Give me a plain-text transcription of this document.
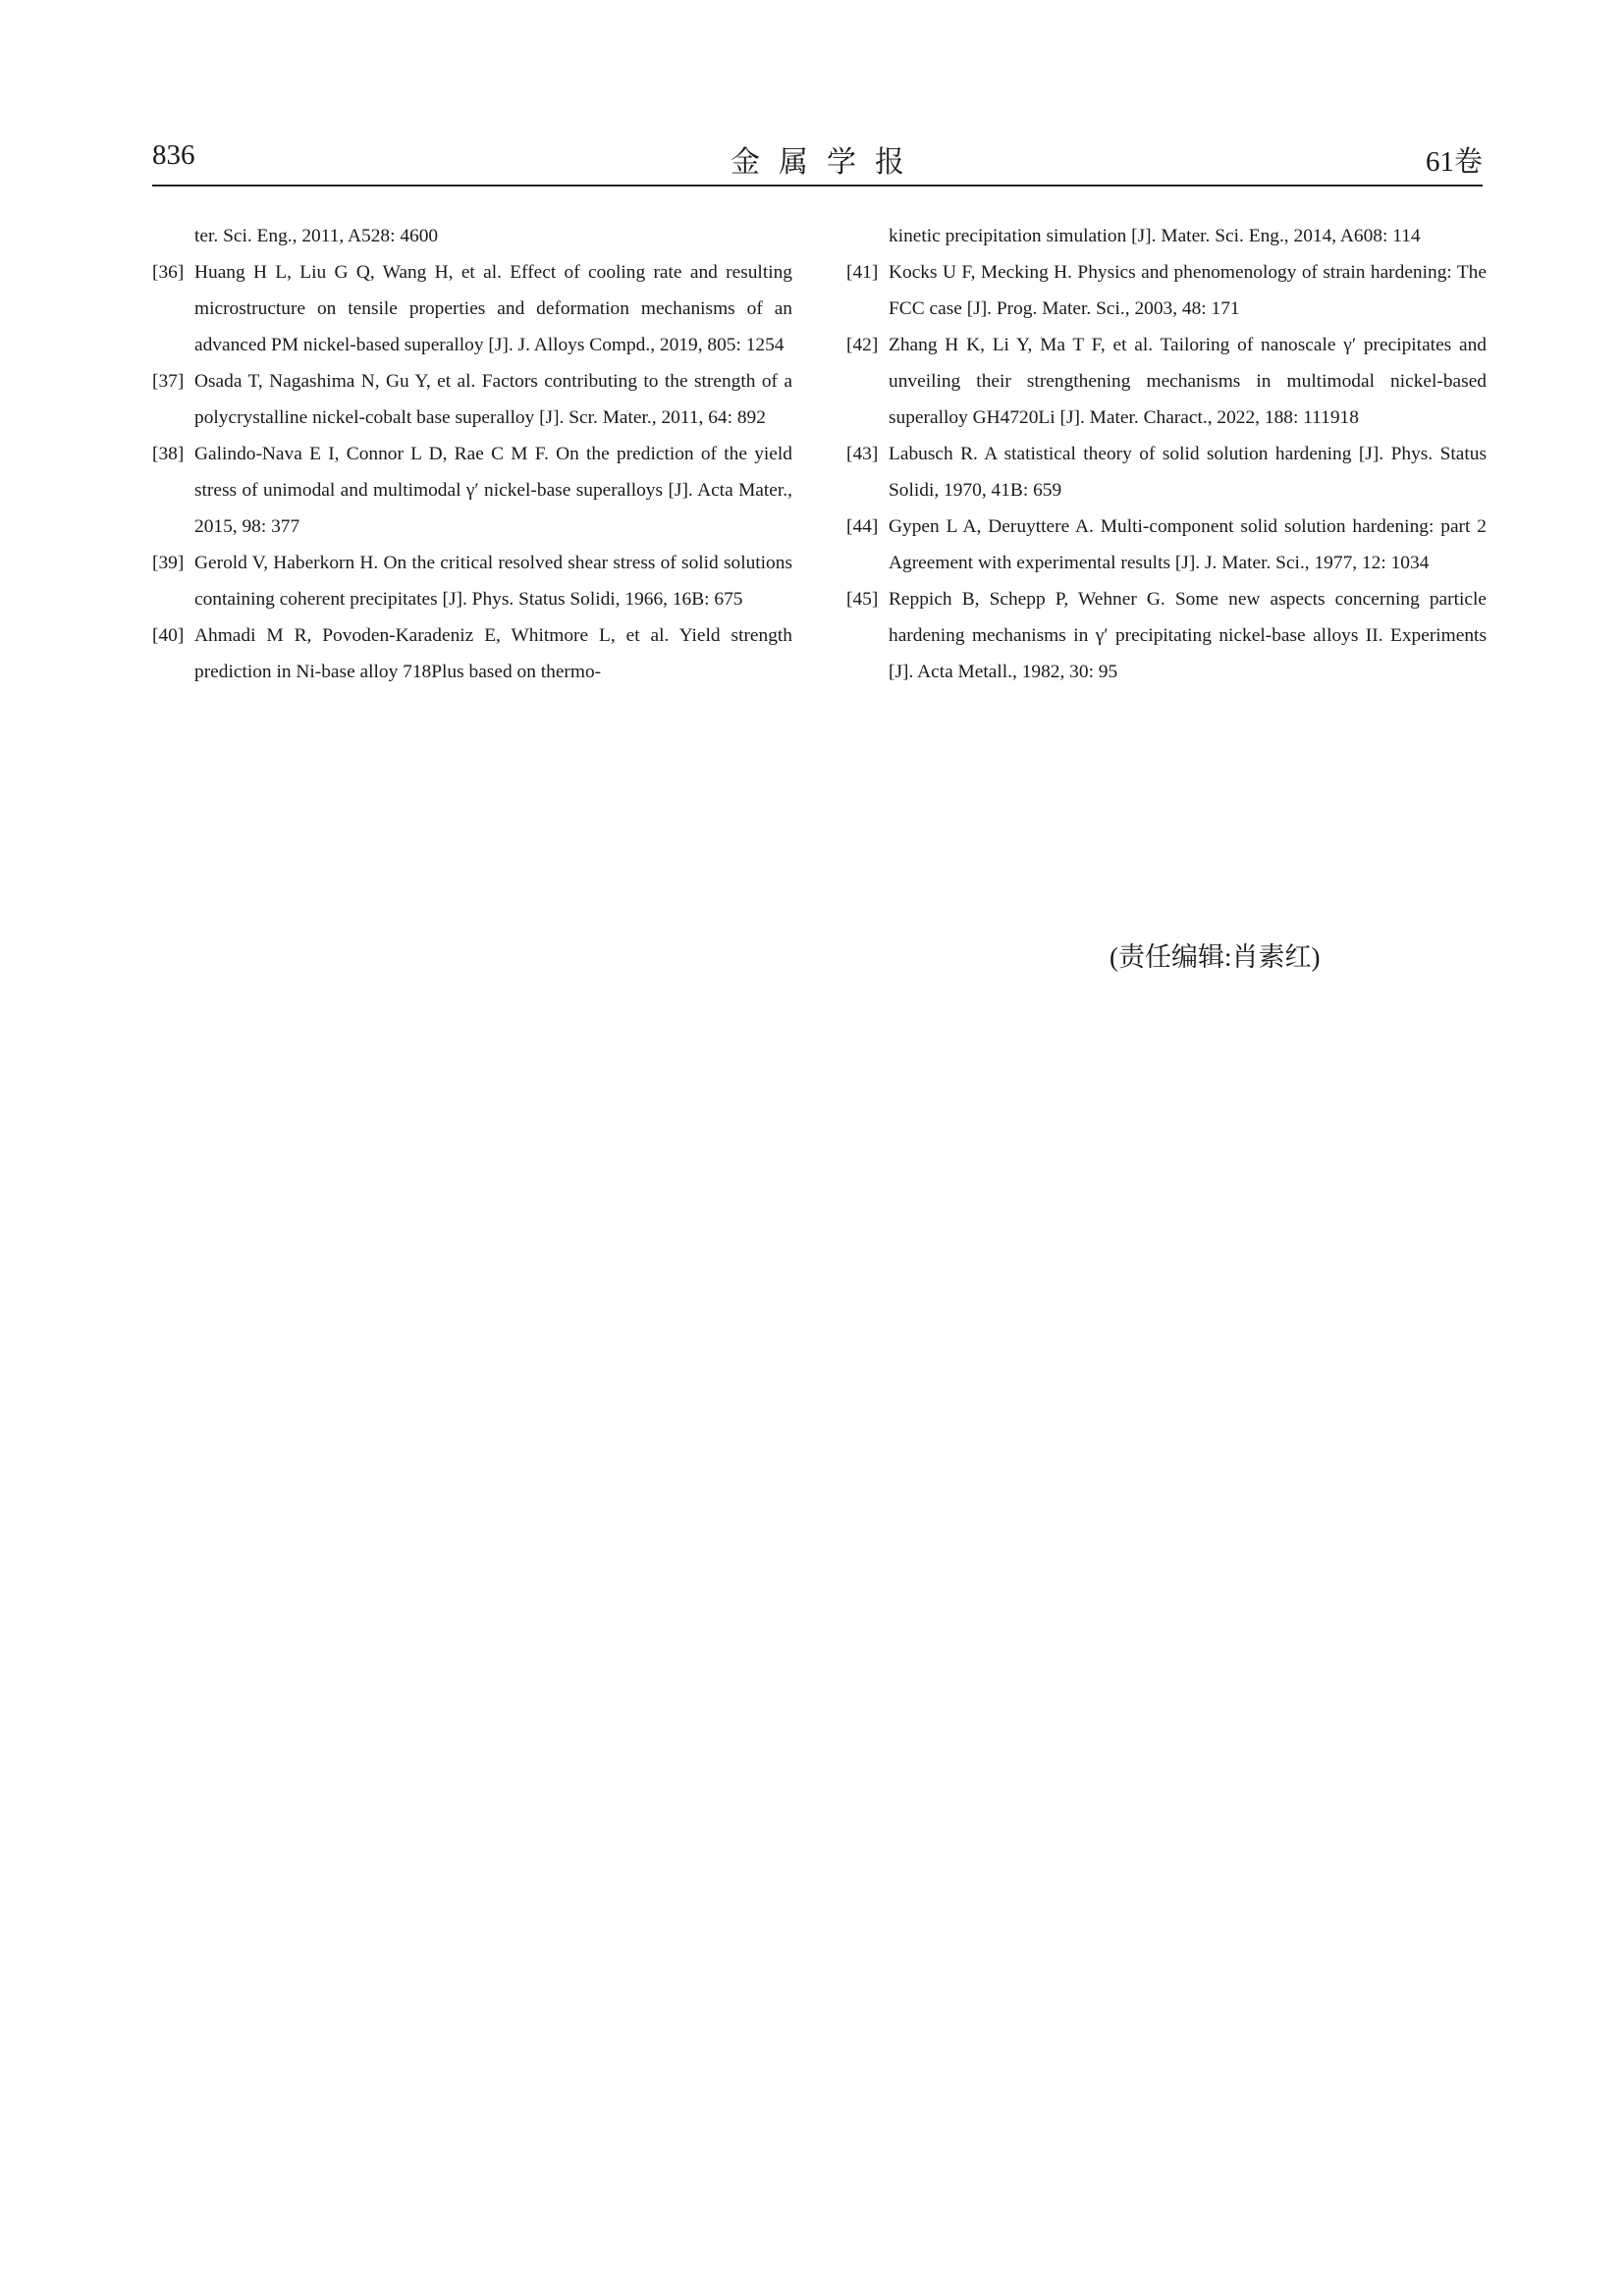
836	金属学报	61卷
ter. Sci. Eng., 2011, A528: 4600
[36] Huang H L, Liu G Q, Wang H, et al. Effect of cooling rate and resulting microstructure on tensile properties and deformation mechanisms of an advanced PM nickel-based superalloy [J]. J. Alloys Compd., 2019, 805: 1254
[37] Osada T, Nagashima N, Gu Y, et al. Factors contributing to the strength of a polycrystalline nickel-cobalt base superalloy [J]. Scr. Mater., 2011, 64: 892
[38] Galindo-Nava E I, Connor L D, Rae C M F. On the prediction of the yield stress of unimodal and multimodal γ′ nickel-base superalloys [J]. Acta Mater., 2015, 98: 377
[39] Gerold V, Haberkorn H. On the critical resolved shear stress of solid solutions containing coherent precipitates [J]. Phys. Status Solidi, 1966, 16B: 675
[40] Ahmadi M R, Povoden-Karadeniz E, Whitmore L, et al. Yield strength prediction in Ni-base alloy 718Plus based on thermo-
kinetic precipitation simulation [J]. Mater. Sci. Eng., 2014, A608: 114
[41] Kocks U F, Mecking H. Physics and phenomenology of strain hardening: The FCC case [J]. Prog. Mater. Sci., 2003, 48: 171
[42] Zhang H K, Li Y, Ma T F, et al. Tailoring of nanoscale γ′ precipitates and unveiling their strengthening mechanisms in multimodal nickel-based superalloy GH4720Li [J]. Mater. Charact., 2022, 188: 111918
[43] Labusch R. A statistical theory of solid solution hardening [J]. Phys. Status Solidi, 1970, 41B: 659
[44] Gypen L A, Deruyttere A. Multi-component solid solution hardening: part 2 Agreement with experimental results [J]. J. Mater. Sci., 1977, 12: 1034
[45] Reppich B, Schepp P, Wehner G. Some new aspects concerning particle hardening mechanisms in γ′ precipitating nickel-base alloys II. Experiments [J]. Acta Metall., 1982, 30: 95
(责任编辑:肖素红)
